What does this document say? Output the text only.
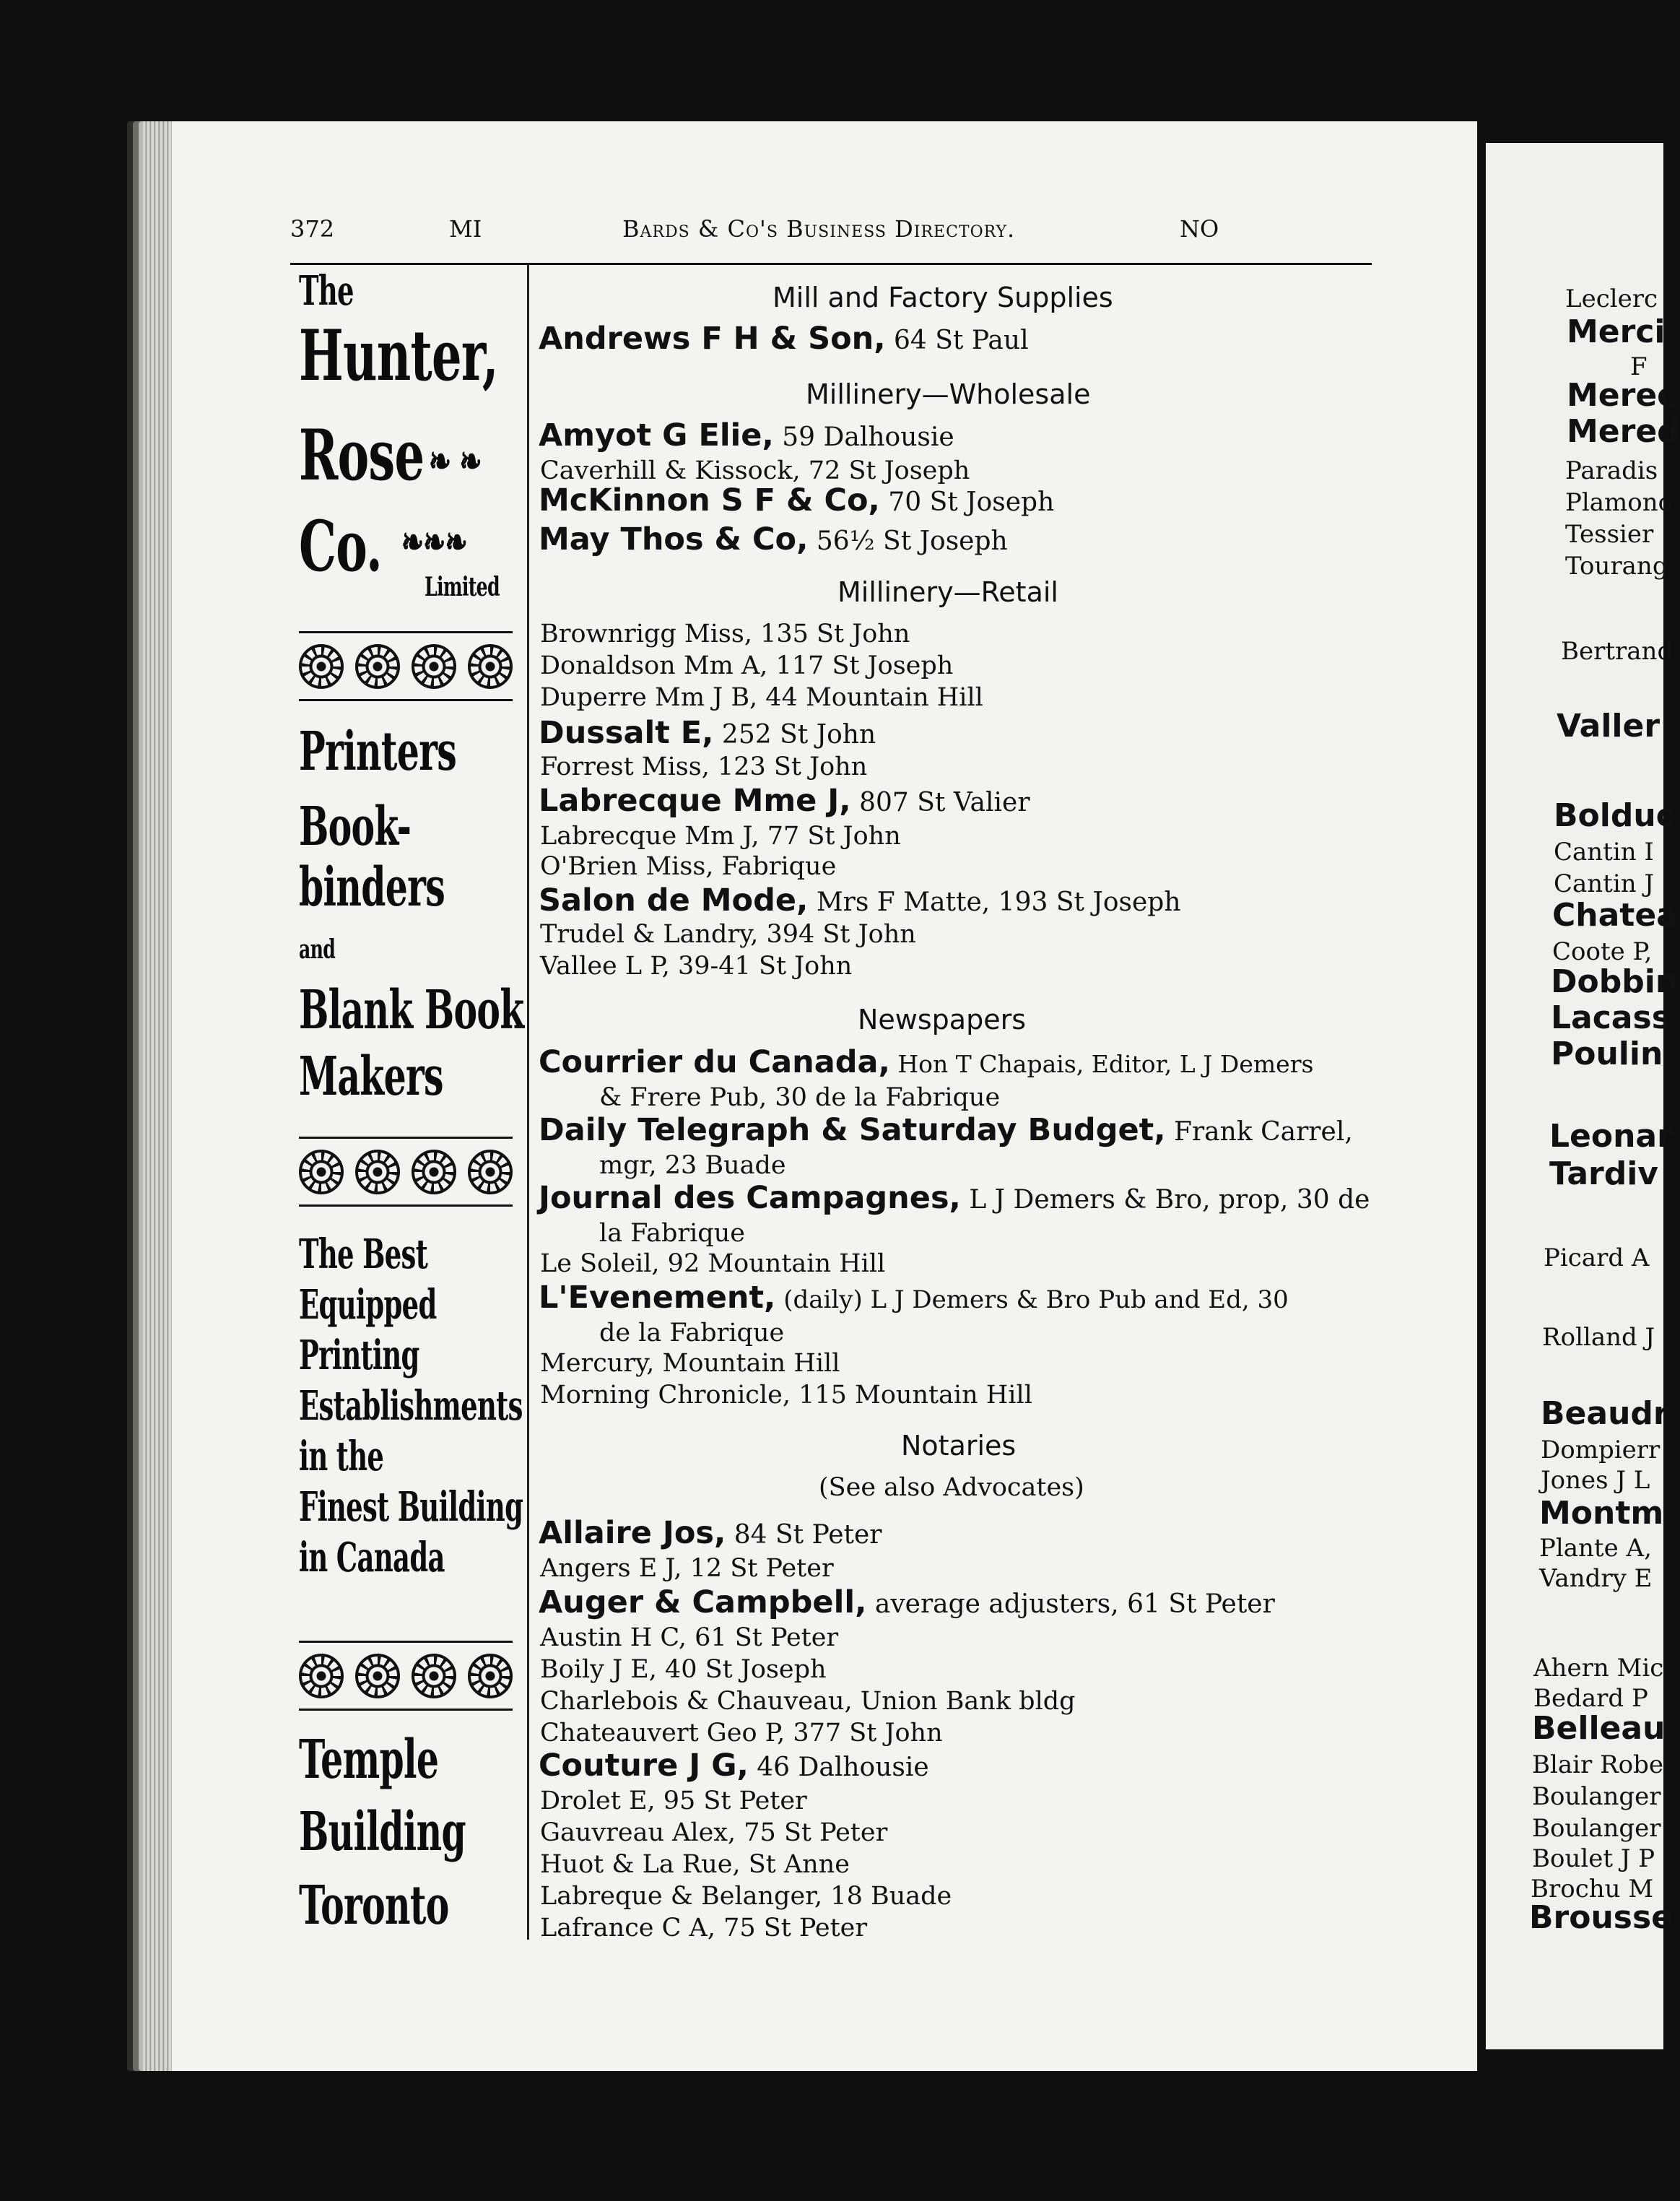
372	MI	Bards & Co's Business Directory.	NO
The
Hunter,
Rose ❧ ❧
Co. ❧❧❧
Limited
Printers
Book-
binders
and
Blank Book
Makers
The Best
Equipped
Printing
Establishments
in the
Finest Building
in Canada
Temple
Building
Toronto
Mill and Factory Supplies
Andrews F H & Son, 64 St Paul
Millinery—Wholesale
Amyot G Elie, 59 Dalhousie
Caverhill & Kissock, 72 St Joseph
McKinnon S F & Co, 70 St Joseph
May Thos & Co, 56½ St Joseph
Millinery—Retail
Brownrigg Miss, 135 St John
Donaldson Mm A, 117 St Joseph
Duperre Mm J B, 44 Mountain Hill
Dussalt E, 252 St John
Forrest Miss, 123 St John
Labrecque Mme J, 807 St Valier
Labrecque Mm J, 77 St John
O'Brien Miss, Fabrique
Salon de Mode, Mrs F Matte, 193 St Joseph
Trudel & Landry, 394 St John
Vallee L P, 39-41 St John
Newspapers
Courrier du Canada, Hon T Chapais, Editor, L J Demers
& Frere Pub, 30 de la Fabrique
Daily Telegraph & Saturday Budget, Frank Carrel,
mgr, 23 Buade
Journal des Campagnes, L J Demers & Bro, prop, 30 de
la Fabrique
Le Soleil, 92 Mountain Hill
L'Evenement, (daily) L J Demers & Bro Pub and Ed, 30
de la Fabrique
Mercury, Mountain Hill
Morning Chronicle, 115 Mountain Hill
Notaries
(See also Advocates)
Allaire Jos, 84 St Peter
Angers E J, 12 St Peter
Auger & Campbell, average adjusters, 61 St Peter
Austin H C, 61 St Peter
Boily J E, 40 St Joseph
Charlebois & Chauveau, Union Bank bldg
Chateauvert Geo P, 377 St John
Couture J G, 46 Dalhousie
Drolet E, 95 St Peter
Gauvreau Alex, 75 St Peter
Huot & La Rue, St Anne
Labreque & Belanger, 18 Buade
Lafrance C A, 75 St Peter
Leclerc
Merci
F
Merec
Mered
Paradis
Plamono
Tessier
Tourang
Bertrand
Valler
Bolduc
Cantin I
Cantin J
Chatea
Coote P,
Dobbin
Lacass
Poulin
Leonar
Tardiv
Picard A
Rolland J
Beaudr
Dompierr
Jones J L
Montm
Plante A,
Vandry E
Ahern Mic
Bedard P
Belleau
Blair Robe
Boulanger
Boulanger
Boulet J P
Brochu M
Brousse
